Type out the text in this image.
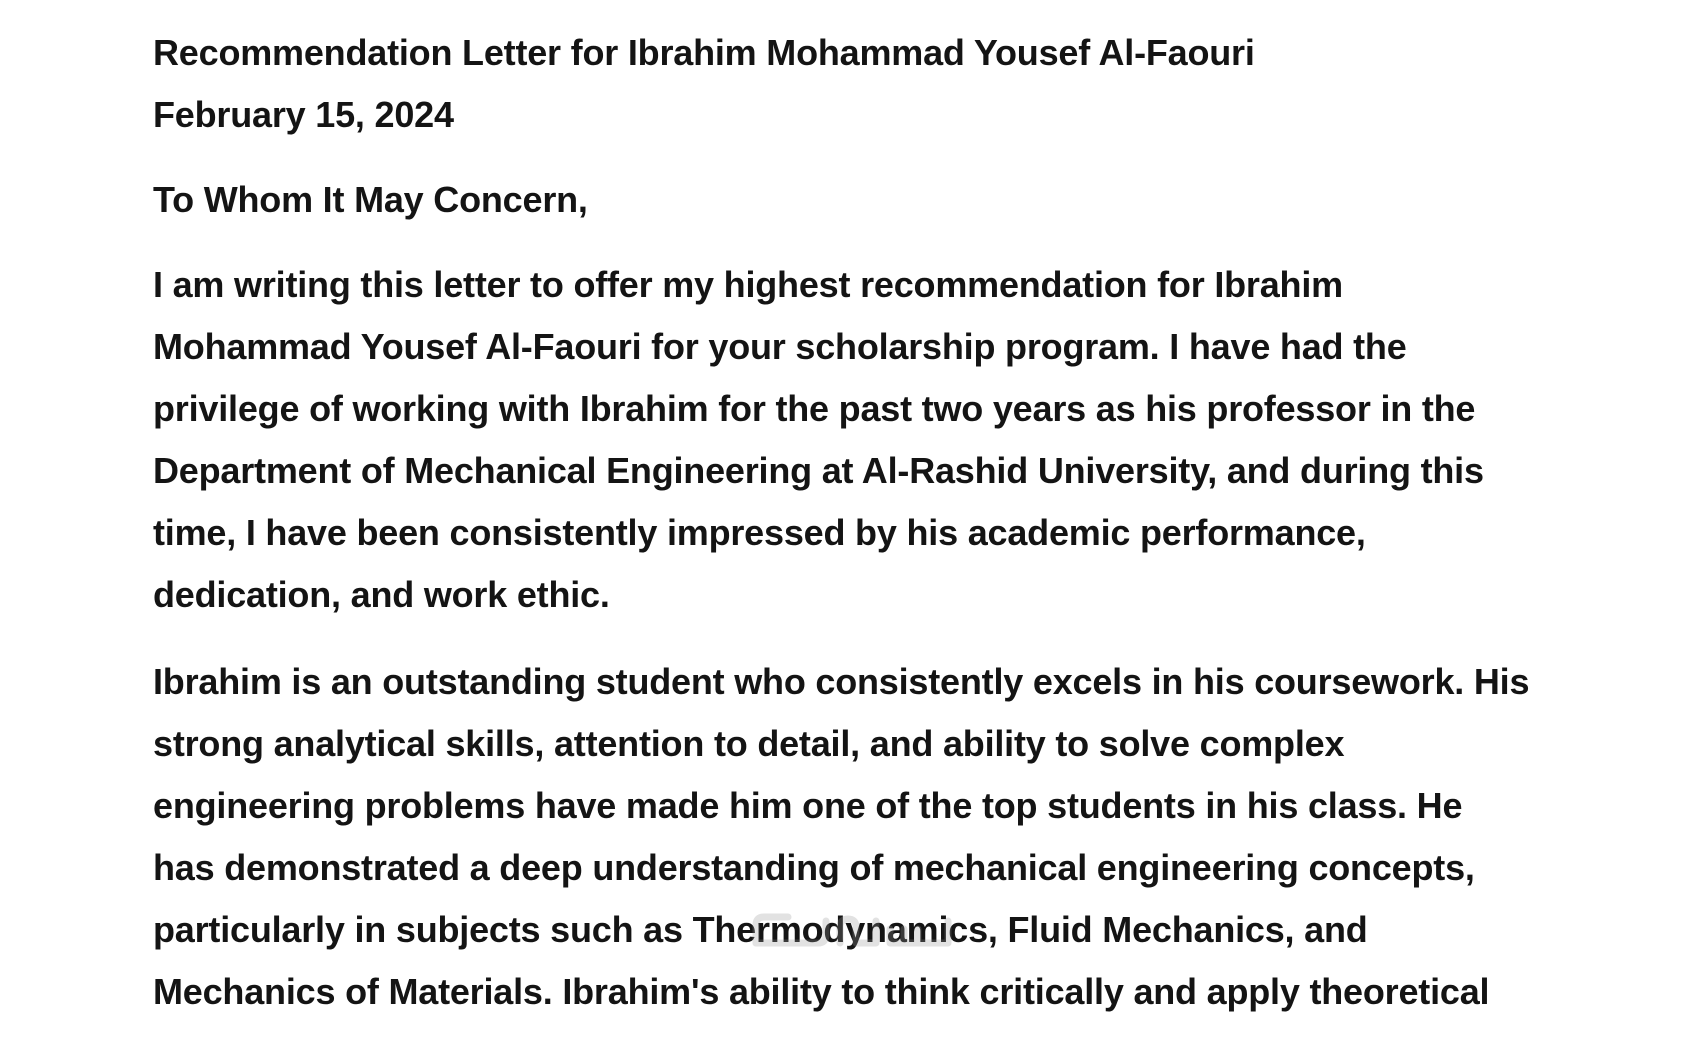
Recommendation Letter for Ibrahim Mohammad Yousef Al-Faouri
February 15, 2024
To Whom It May Concern,
I am writing this letter to offer my highest recommendation for Ibrahim
Mohammad Yousef Al-Faouri for your scholarship program. I have had the
privilege of working with Ibrahim for the past two years as his professor in the
Department of Mechanical Engineering at Al-Rashid University, and during this
time, I have been consistently impressed by his academic performance,
dedication, and work ethic.
Ibrahim is an outstanding student who consistently excels in his coursework. His
strong analytical skills, attention to detail, and ability to solve complex
engineering problems have made him one of the top students in his class. He
has demonstrated a deep understanding of mechanical engineering concepts,
particularly in subjects such as Thermodynamics, Fluid Mechanics, and
Mechanics of Materials. Ibrahim's ability to think critically and apply theoretical
